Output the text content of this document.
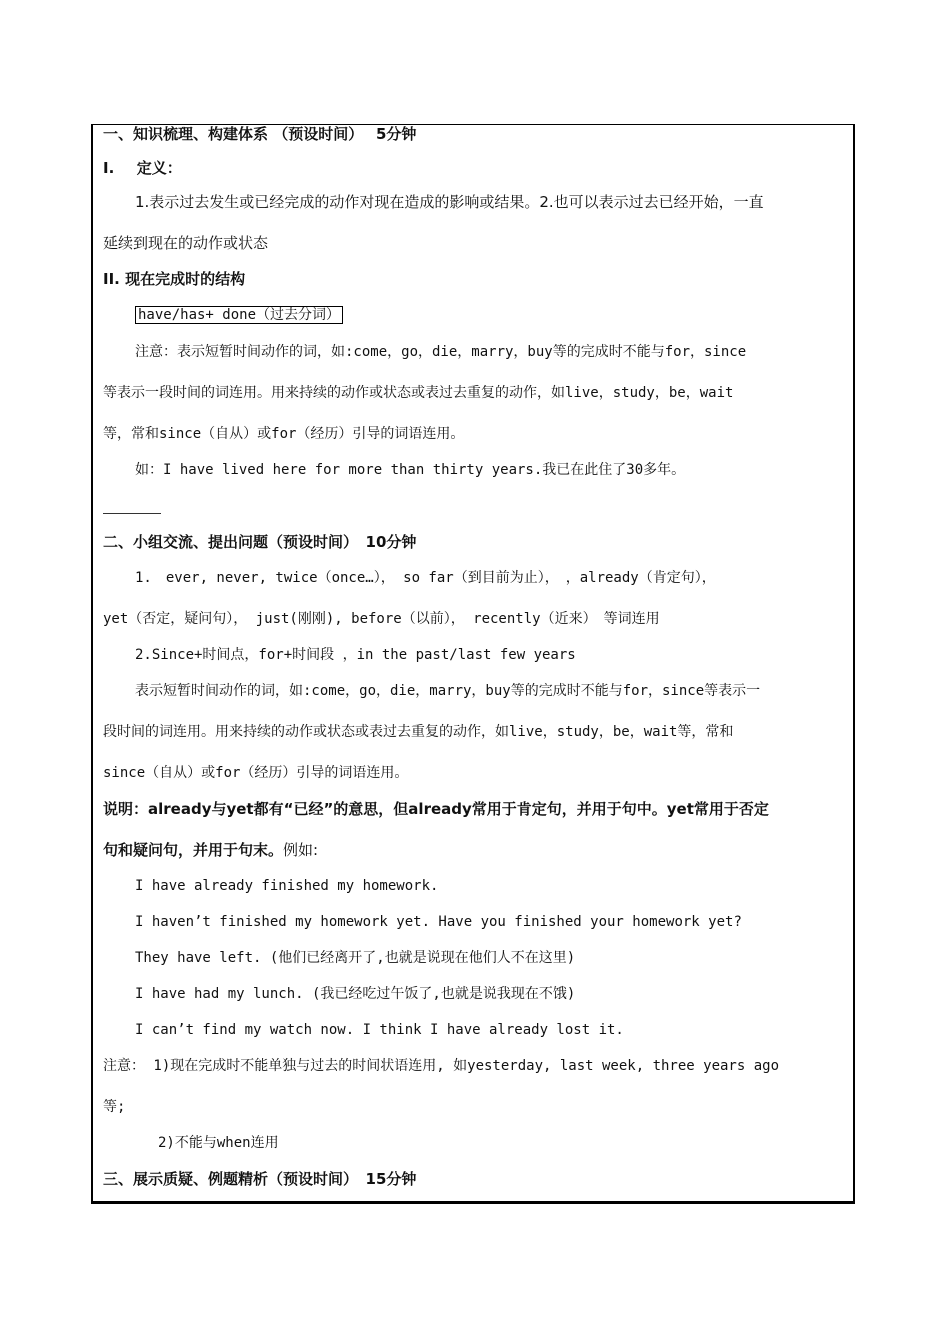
一、知识梳理、构建体系 （预设时间）　 5分钟
I.   定义：
1.表示过去发生或已经完成的动作对现在造成的影响或结果。2.也可以表示过去已经开始，一直
延续到现在的动作或状态
II. 现在完成时的结构
have/has+ done（过去分词）
注意：表示短暂时间动作的词，如:come，go，die，marry，buy等的完成时不能与for，since
等表示一段时间的词连用。用来持续的动作或状态或表过去重复的动作，如live，study，be，wait
等，常和since（自从）或for（经历）引导的词语连用。
如：I have lived here for more than thirty years.我已在此住了30多年。
二、小组交流、提出问题（预设时间）　10分钟
1.　ever, never, twice（once…）， so far（到目前为止），　，already（肯定句），
yet（否定，疑问句）， just(刚刚), before（以前）， recently（近来）　等词连用
2.Since+时间点，for+时间段 ，in the past/last few years
表示短暂时间动作的词，如:come，go，die，marry，buy等的完成时不能与for，since等表示一
段时间的词连用。用来持续的动作或状态或表过去重复的动作，如live，study，be，wait等，常和
since（自从）或for（经历）引导的词语连用。
说明：already与yet都有“已经”的意思，但already常用于肯定句，并用于句中。yet常用于否定
句和疑问句，并用于句末。例如:
I have already finished my homework.
I haven’t finished my homework yet. Have you finished your homework yet?
They have left. (他们已经离开了,也就是说现在他们人不在这里)
I have had my lunch. (我已经吃过午饭了,也就是说我现在不饿)
I can’t find my watch now. I think I have already lost it.
注意： 1)现在完成时不能单独与过去的时间状语连用, 如yesterday, last week, three years ago
等;
2)不能与when连用
三、展示质疑、例题精析（预设时间）　15分钟
